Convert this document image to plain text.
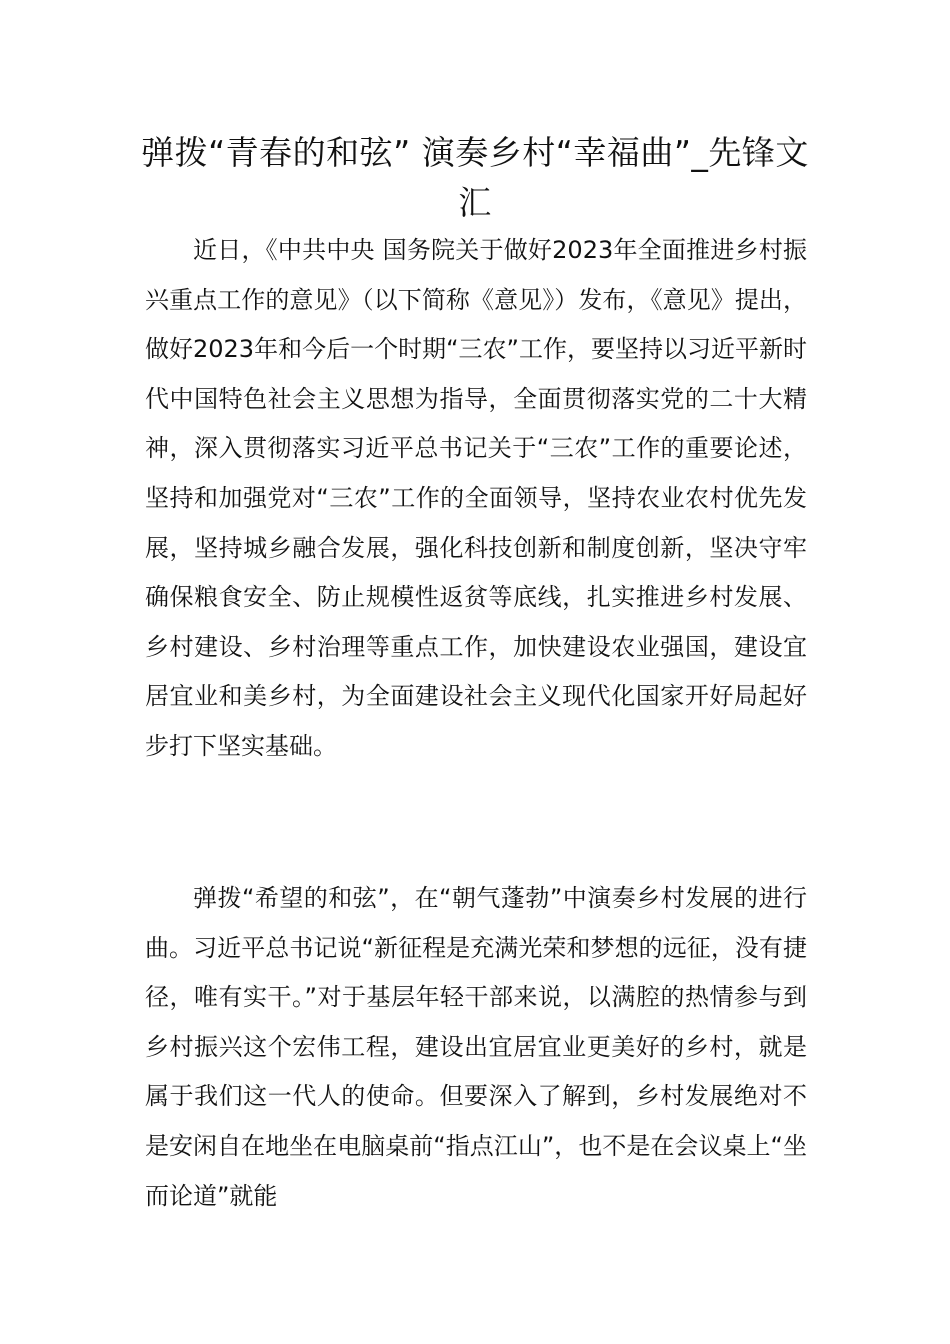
弹拨“青春的和弦” 演奏乡村“幸福曲”_先锋文汇

近日，《中共中央 国务院关于做好2023年全面推进乡村振兴重点工作的意见》（以下简称《意见》）发布，《意见》提出，做好2023年和今后一个时期“三农”工作，要坚持以习近平新时代中国特色社会主义思想为指导，全面贯彻落实党的二十大精神，深入贯彻落实习近平总书记关于“三农”工作的重要论述，坚持和加强党对“三农”工作的全面领导，坚持农业农村优先发展，坚持城乡融合发展，强化科技创新和制度创新，坚决守牢确保粮食安全、防止规模性返贫等底线，扎实推进乡村发展、乡村建设、乡村治理等重点工作，加快建设农业强国，建设宜居宜业和美乡村，为全面建设社会主义现代化国家开好局起好步打下坚实基础。

弹拨“希望的和弦”，在“朝气蓬勃”中演奏乡村发展的进行曲。习近平总书记说“新征程是充满光荣和梦想的远征，没有捷径，唯有实干。”对于基层年轻干部来说，以满腔的热情参与到乡村振兴这个宏伟工程，建设出宜居宜业更美好的乡村，就是属于我们这一代人的使命。但要深入了解到，乡村发展绝对不是安闲自在地坐在电脑桌前“指点江山”，也不是在会议桌上“坐而论道”就能
